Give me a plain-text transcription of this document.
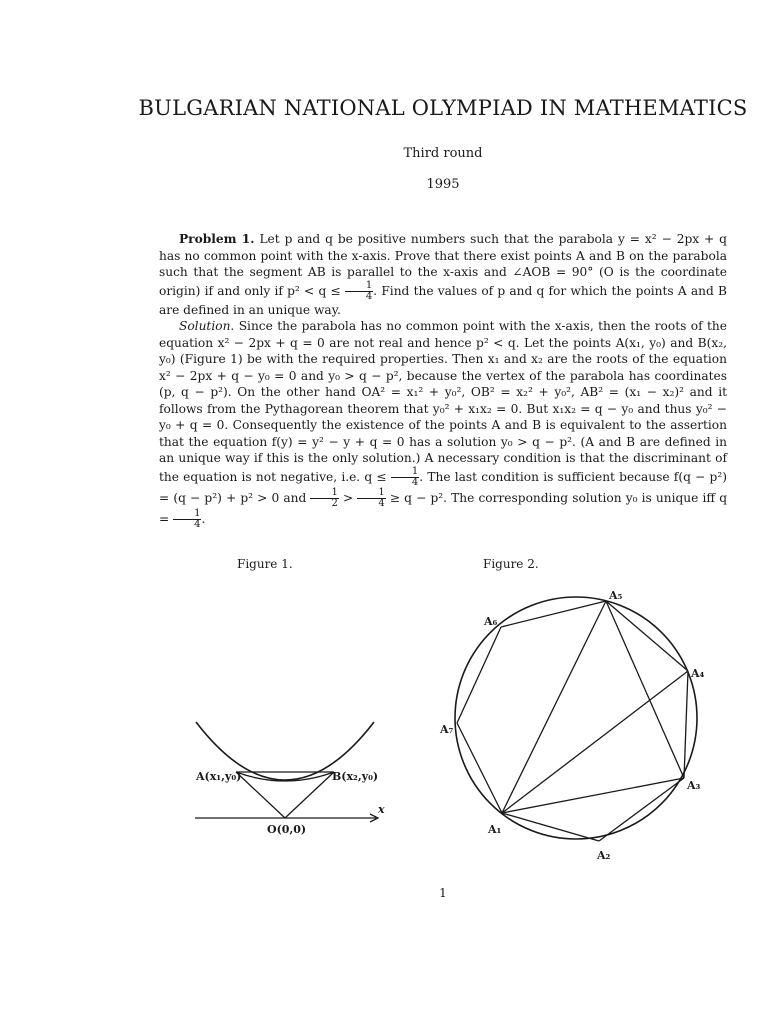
BULGARIAN NATIONAL OLYMPIAD IN MATHEMATICS
Third round
1995

Problem 1. Let p and q be positive numbers such that the parabola y = x² − 2px + q has no common point with the x-axis. Prove that there exist points A and B on the parabola such that the segment AB is parallel to the x-axis and ∠AOB = 90° (O is the coordinate origin) if and only if $p^2 < q \le \frac{1}{4}$ . Find the values of p and q for which the points A and B are defined in an unique way.

Solution. Since the parabola has no common point with the x-axis, then the roots of the equation x² − 2px + q = 0 are not real and hence p² < q. Let the points A(x₁, y₀) and B(x₂, y₀) (Figure 1) be with the required properties. Then x₁ and x₂ are the roots of the equation x² − 2px + q − y₀ = 0 and y₀ > q − p², because the vertex of the parabola has coordinates (p, q − p²). On the other hand OA² = x₁² + y₀², OB² = x₂² + y₀², AB² = (x₁ − x₂)² and it follows from the Pythagorean theorem that y₀² + x₁x₂ = 0. But x₁x₂ = q − y₀ and thus y₀² − y₀ + q = 0. Consequently the existence of the points A and B is equivalent to the assertion that the equation f(y) = y² − y + q = 0 has a solution y₀ > q − p². (A and B are defined in an unique way if this is the only solution.) A necessary condition is that the discriminant of the equation is not negative, i.e. $q \le \frac{1}{4}$ . The last condition is sufficient because f(q − p²) = (q − p²) + p² > 0 and $\frac{1}{2} > \frac{1}{4} \ge q - p^2$. The corresponding solution y₀ is unique iff $q = \frac{1}{4}$ .

Figure 1.	Figure 2.
A(x₁,y₀)	B(x₂,y₀)
O(0,0)
x
A₁
A₂
A₃
A₄
A₅
A₆
A₇
1
